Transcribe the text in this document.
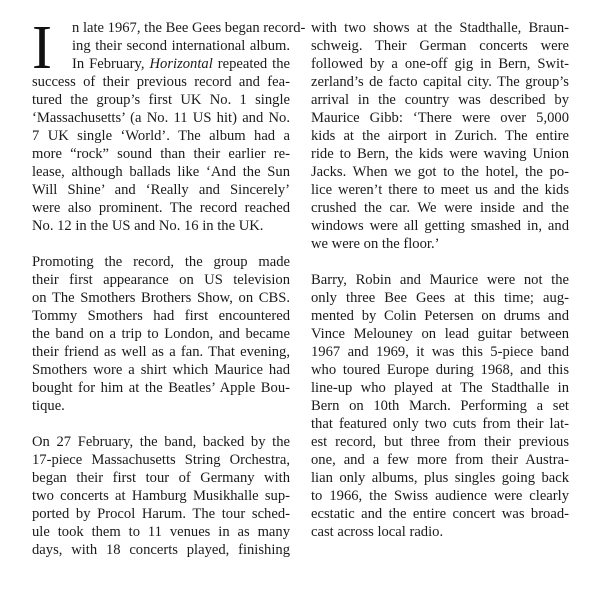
I	n late 1967, the Bee Gees began record-
ing their second international album.
In February, Horizontal repeated the
success of their previous record and fea-
tured the group’s first UK No. 1 single
‘Massachusetts’ (a No. 11 US hit) and No.
7 UK single ‘World’. The album had a
more “rock” sound than their earlier re-
lease, although ballads like ‘And the Sun
Will Shine’ and ‘Really and Sincerely’
were also prominent. The record reached
No. 12 in the US and No. 16 in the UK.
Promoting the record, the group made
their first appearance on US television
on The Smothers Brothers Show, on CBS.
Tommy Smothers had first encountered
the band on a trip to London, and became
their friend as well as a fan. That evening,
Smothers wore a shirt which Maurice had
bought for him at the Beatles’ Apple Bou-
tique.
On 27 February, the band, backed by the
17-piece Massachusetts String Orchestra,
began their first tour of Germany with
two concerts at Hamburg Musikhalle sup-
ported by Procol Harum. The tour sched-
ule took them to 11 venues in as many
days, with 18 concerts played, finishing
with two shows at the Stadthalle, Braun-
schweig. Their German concerts were
followed by a one-off gig in Bern, Swit-
zerland’s de facto capital city. The group’s
arrival in the country was described by
Maurice Gibb: ‘There were over 5,000
kids at the airport in Zurich. The entire
ride to Bern, the kids were waving Union
Jacks. When we got to the hotel, the po-
lice weren’t there to meet us and the kids
crushed the car. We were inside and the
windows were all getting smashed in, and
we were on the floor.’
Barry, Robin and Maurice were not the
only three Bee Gees at this time; aug-
mented by Colin Petersen on drums and
Vince Melouney on lead guitar between
1967 and 1969, it was this 5-piece band
who toured Europe during 1968, and this
line-up who played at The Stadthalle in
Bern on 10th March. Performing a set
that featured only two cuts from their lat-
est record, but three from their previous
one, and a few more from their Austra-
lian only albums, plus singles going back
to 1966, the Swiss audience were clearly
ecstatic and the entire concert was broad-
cast across local radio.
